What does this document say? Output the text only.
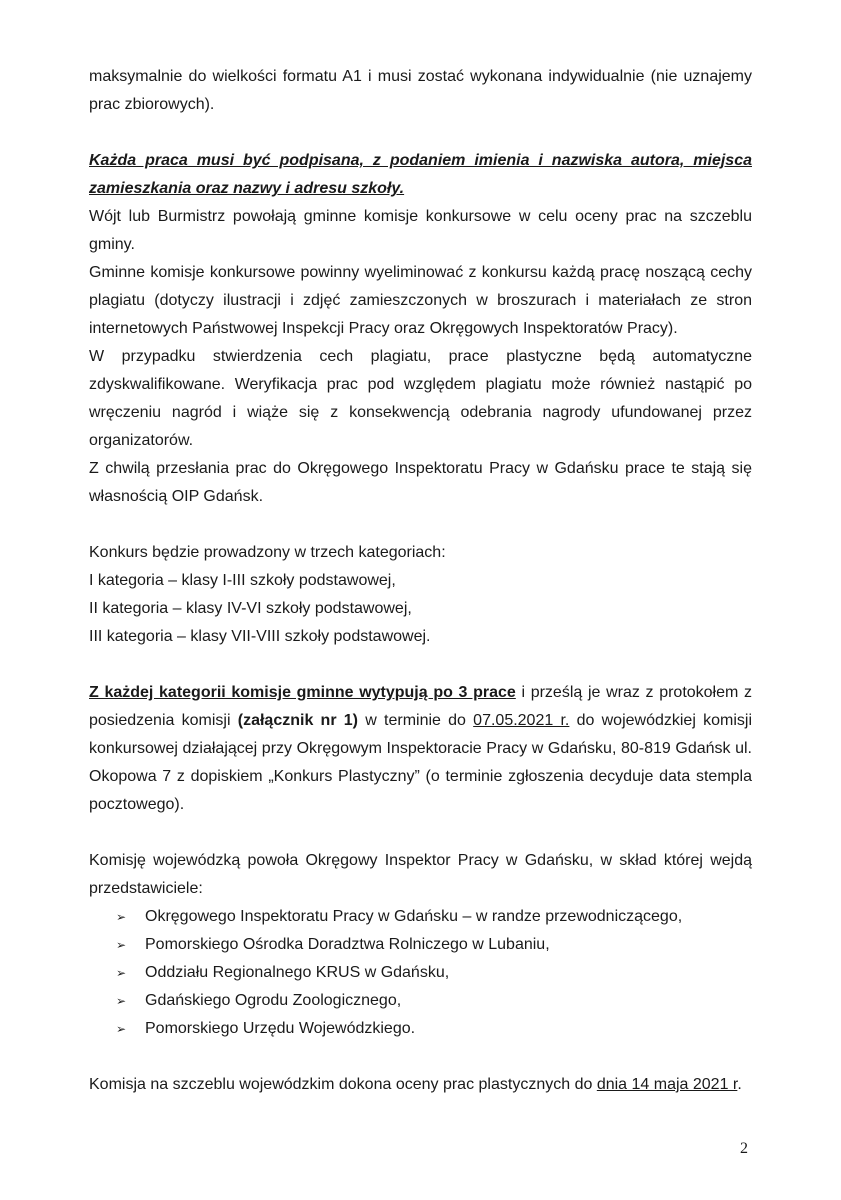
maksymalnie do wielkości formatu A1 i musi zostać wykonana indywidualnie (nie uznajemy prac zbiorowych).

Każda praca musi być podpisana, z podaniem imienia i nazwiska autora, miejsca zamieszkania oraz nazwy i adresu szkoły.

Wójt lub Burmistrz powołają gminne komisje konkursowe w celu oceny prac na szczeblu gminy.

Gminne komisje konkursowe powinny wyeliminować z konkursu każdą pracę noszącą cechy plagiatu (dotyczy ilustracji i zdjęć zamieszczonych w broszurach i materiałach ze stron internetowych Państwowej Inspekcji Pracy oraz Okręgowych Inspektoratów Pracy).

W przypadku stwierdzenia cech plagiatu, prace plastyczne będą automatyczne zdyskwalifikowane. Weryfikacja prac pod względem plagiatu może również nastąpić po wręczeniu nagród i wiąże się z konsekwencją odebrania nagrody ufundowanej przez organizatorów.

Z chwilą przesłania prac do Okręgowego Inspektoratu Pracy w Gdańsku prace te stają się własnością OIP Gdańsk.

Konkurs będzie prowadzony w trzech kategoriach:

I kategoria – klasy I-III szkoły podstawowej,

II kategoria – klasy IV-VI szkoły podstawowej,

III kategoria – klasy VII-VIII szkoły podstawowej.

Z każdej kategorii komisje gminne wytypują po 3 prace i prześlą je wraz z protokołem z posiedzenia komisji (załącznik nr 1) w terminie do 07.05.2021 r. do wojewódzkiej komisji konkursowej działającej przy Okręgowym Inspektoracie Pracy w Gdańsku, 80-819 Gdańsk ul. Okopowa 7 z dopiskiem „Konkurs Plastyczny” (o terminie zgłoszenia decyduje data stempla pocztowego).

Komisję wojewódzką powoła Okręgowy Inspektor Pracy w Gdańsku, w skład której wejdą przedstawiciele:

➢	Okręgowego Inspektoratu Pracy w Gdańsku – w randze przewodniczącego,
➢	Pomorskiego Ośrodka Doradztwa Rolniczego w Lubaniu,
➢	Oddziału Regionalnego KRUS w Gdańsku,
➢	Gdańskiego Ogrodu Zoologicznego,
➢	Pomorskiego Urzędu Wojewódzkiego.

Komisja na szczeblu wojewódzkim dokona oceny prac plastycznych do dnia 14 maja 2021 r.

2
